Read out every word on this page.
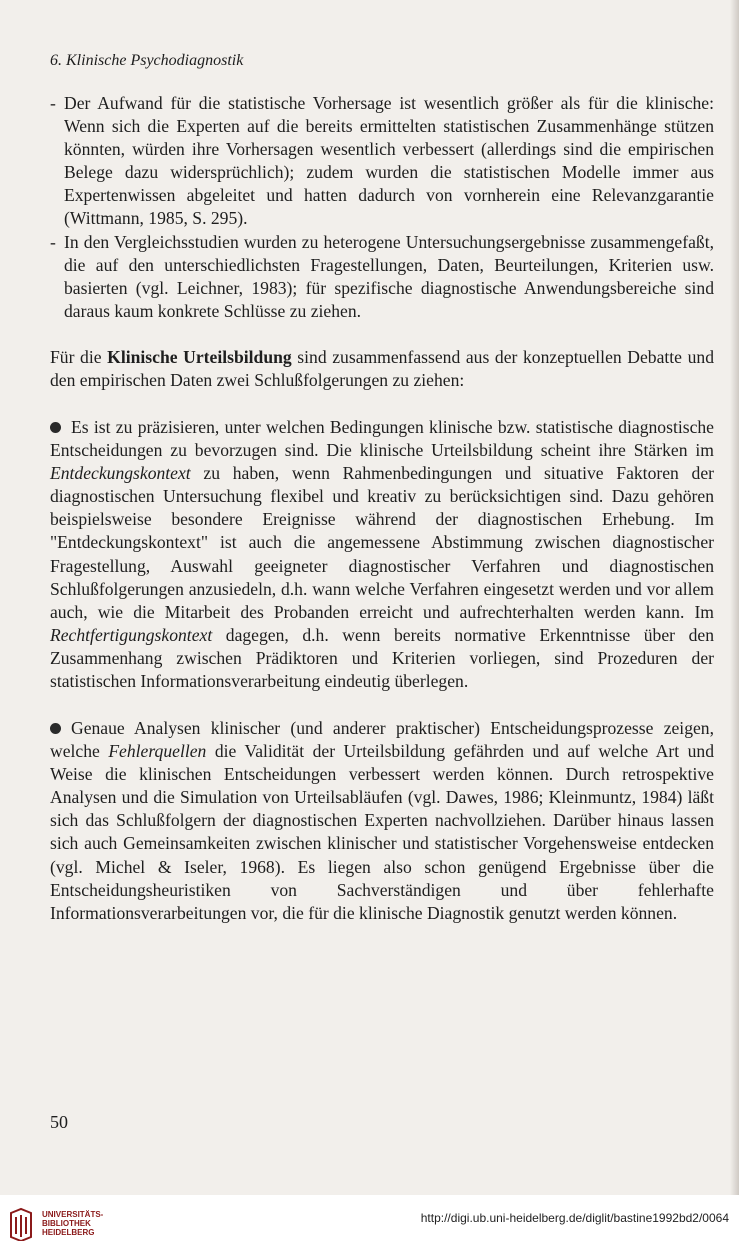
6. Klinische Psychodiagnostik
- Der Aufwand für die statistische Vorhersage ist wesentlich größer als für die klinische: Wenn sich die Experten auf die bereits ermittelten statistischen Zusammenhänge stützen könnten, würden ihre Vorhersagen wesentlich verbessert (allerdings sind die empirischen Belege dazu widersprüchlich); zudem wurden die statistischen Modelle immer aus Expertenwissen abgeleitet und hatten dadurch von vornherein eine Relevanzgarantie (Wittmann, 1985, S. 295).
- In den Vergleichsstudien wurden zu heterogene Untersuchungsergebnisse zusammengefaßt, die auf den unterschiedlichsten Fragestellungen, Daten, Beurteilungen, Kriterien usw. basierten (vgl. Leichner, 1983); für spezifische diagnostische Anwendungsbereiche sind daraus kaum konkrete Schlüsse zu ziehen.
Für die Klinische Urteilsbildung sind zusammenfassend aus der konzeptuellen Debatte und den empirischen Daten zwei Schlußfolgerungen zu ziehen:
Es ist zu präzisieren, unter welchen Bedingungen klinische bzw. statistische diagnostische Entscheidungen zu bevorzugen sind. Die klinische Urteilsbildung scheint ihre Stärken im Entdeckungskontext zu haben, wenn Rahmenbedingungen und situative Faktoren der diagnostischen Untersuchung flexibel und kreativ zu berücksichtigen sind. Dazu gehören beispielsweise besondere Ereignisse während der diagnostischen Erhebung. Im "Entdeckungskontext" ist auch die angemessene Abstimmung zwischen diagnostischer Fragestellung, Auswahl geeigneter diagnostischer Verfahren und diagnostischen Schlußfolgerungen anzusiedeln, d.h. wann welche Verfahren eingesetzt werden und vor allem auch, wie die Mitarbeit des Probanden erreicht und aufrechterhalten werden kann. Im Rechtfertigungskontext dagegen, d.h. wenn bereits normative Erkenntnisse über den Zusammenhang zwischen Prädiktoren und Kriterien vorliegen, sind Prozeduren der statistischen Informationsverarbeitung eindeutig überlegen.
Genaue Analysen klinischer (und anderer praktischer) Entscheidungsprozesse zeigen, welche Fehlerquellen die Validität der Urteilsbildung gefährden und auf welche Art und Weise die klinischen Entscheidungen verbessert werden können. Durch retrospektive Analysen und die Simulation von Urteilsabläufen (vgl. Dawes, 1986; Kleinmuntz, 1984) läßt sich das Schlußfolgern der diagnostischen Experten nachvollziehen. Darüber hinaus lassen sich auch Gemeinsamkeiten zwischen klinischer und statistischer Vorgehensweise entdecken (vgl. Michel & Iseler, 1968). Es liegen also schon genügend Ergebnisse über die Entscheidungsheuristiken von Sachverständigen und über fehlerhafte Informationsverarbeitungen vor, die für die klinische Diagnostik genutzt werden können.
50
UNIVERSITÄTS-
BIBLIOTHEK
HEIDELBERG
http://digi.ub.uni-heidelberg.de/diglit/bastine1992bd2/0064
